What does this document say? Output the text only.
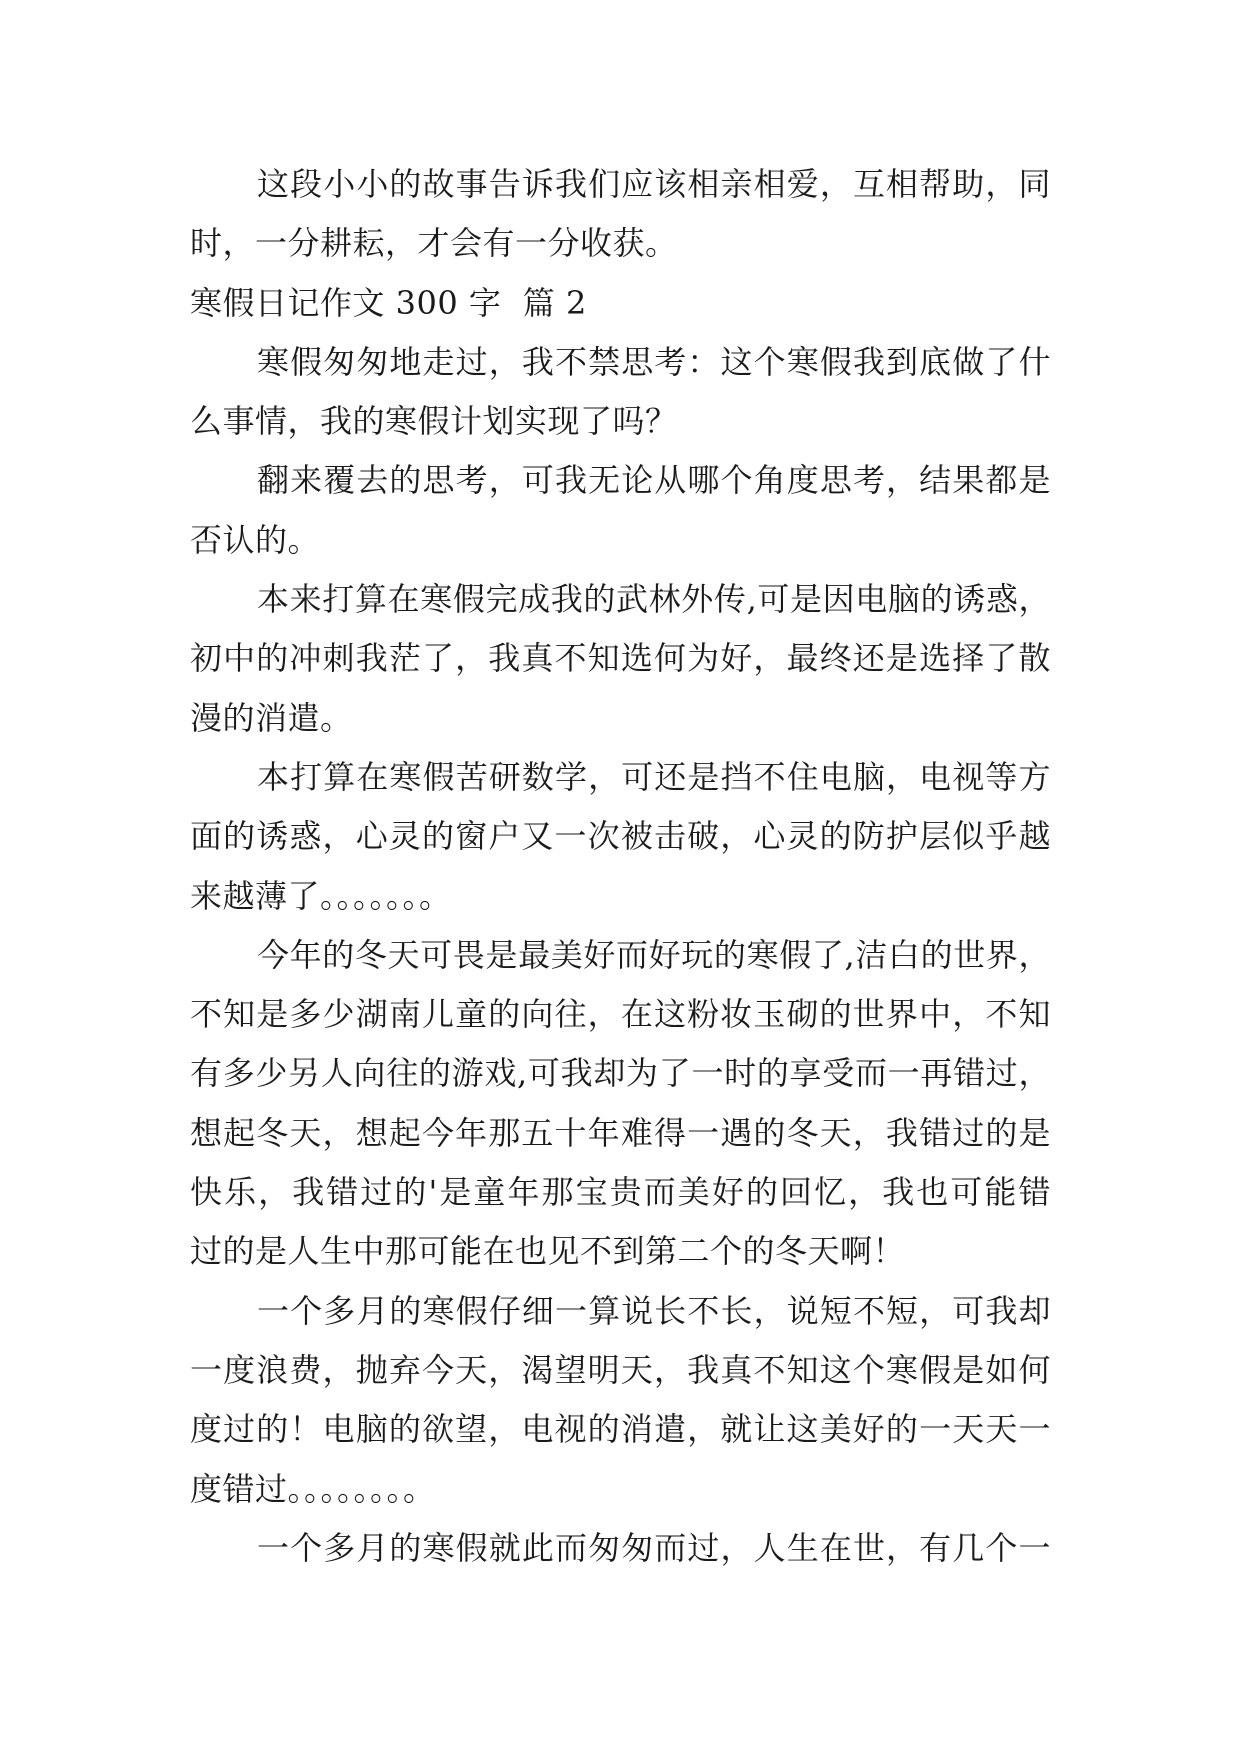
这段小小的故事告诉我们应该相亲相爱，互相帮助，同
时，一分耕耘，才会有一分收获。
寒假日记作文 300 字  篇 2
寒假匆匆地走过，我不禁思考：这个寒假我到底做了什
么事情，我的寒假计划实现了吗？
翻来覆去的思考，可我无论从哪个角度思考，结果都是
否认的。
本来打算在寒假完成我的武林外传,可是因电脑的诱惑，
初中的冲刺我茫了，我真不知选何为好，最终还是选择了散
漫的消遣。
本打算在寒假苦研数学，可还是挡不住电脑，电视等方
面的诱惑，心灵的窗户又一次被击破，心灵的防护层似乎越
来越薄了。。。。。。。
今年的冬天可畏是最美好而好玩的寒假了,洁白的世界，
不知是多少湖南儿童的向往，在这粉妆玉砌的世界中，不知
有多少另人向往的游戏,可我却为了一时的享受而一再错过，
想起冬天，想起今年那五十年难得一遇的冬天，我错过的是
快乐，我错过的'是童年那宝贵而美好的回忆，我也可能错
过的是人生中那可能在也见不到第二个的冬天啊！
一个多月的寒假仔细一算说长不长，说短不短，可我却
一度浪费，抛弃今天，渴望明天，我真不知这个寒假是如何
度过的！电脑的欲望，电视的消遣，就让这美好的一天天一
度错过。。。。。。。。
一个多月的寒假就此而匆匆而过，人生在世，有几个一
